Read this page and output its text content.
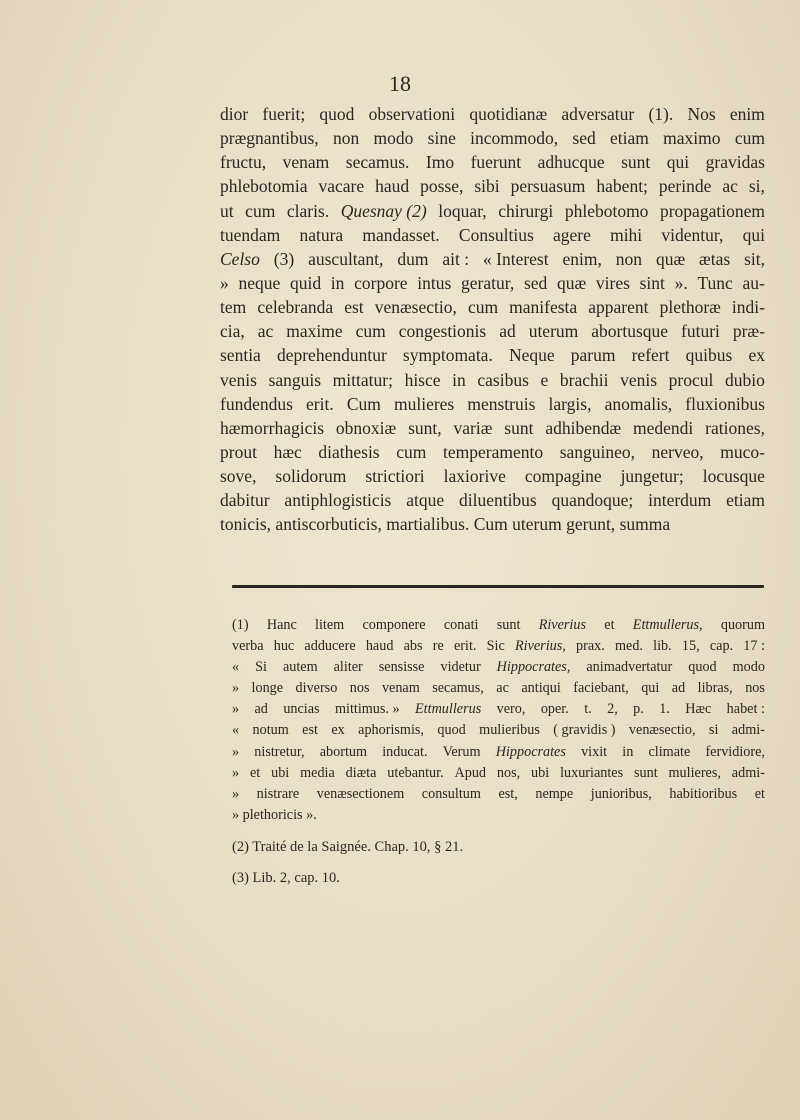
18
dior fuerit; quod observationi quotidianæ adversatur (1). Nos enim
prægnantibus, non modo sine incommodo, sed etiam maximo cum
fructu, venam secamus. Imo fuerunt adhucque sunt qui gravidas
phlebotomia vacare haud posse, sibi persuasum habent; perinde ac si,
ut cum claris. Quesnay (2) loquar, chirurgi phlebotomo propagationem
tuendam natura mandasset. Consultius agere mihi videntur, qui
Celso (3) auscultant, dum ait : « Interest enim, non quæ ætas sit,
» neque quid in corpore intus geratur, sed quæ vires sint ». Tunc au-
tem celebranda est venæsectio, cum manifesta apparent plethoræ indi-
cia, ac maxime cum congestionis ad uterum abortusque futuri præ-
sentia deprehenduntur symptomata. Neque parum refert quibus ex
venis sanguis mittatur; hisce in casibus e brachii venis procul dubio
fundendus erit. Cum mulieres menstruis largis, anomalis, fluxionibus
hæmorrhagicis obnoxiæ sunt, variæ sunt adhibendæ medendi rationes,
prout hæc diathesis cum temperamento sanguineo, nerveo, muco-
sove, solidorum strictiori laxiorive compagine jungetur; locusque
dabitur antiphlogisticis atque diluentibus quandoque; interdum etiam
tonicis,
antiscorbuticis,
martialibus.
Cum
uterum
gerunt,
summa
(1) Hanc litem componere conati sunt Riverius et Ettmullerus, quorum
verba huc adducere haud abs re erit. Sic Riverius, prax. med. lib. 15, cap. 17 :
« Si autem aliter sensisse videtur Hippocrates, animadvertatur quod modo
» longe diverso nos venam secamus, ac antiqui faciebant, qui ad libras, nos
» ad uncias mittimus. » Ettmullerus vero, oper. t. 2, p. 1. Hæc habet :
« notum est ex aphorismis, quod mulieribus ( gravidis ) venæsectio, si admi-
» nistretur, abortum inducat. Verum Hippocrates vixit in climate fervidiore,
» et ubi media diæta utebantur. Apud nos, ubi luxuriantes sunt mulieres, admi-
» nistrare venæsectionem consultum est, nempe junioribus, habitioribus et
»
plethoricis
».
(2) Traité de la Saignée. Chap. 10, § 21.
(3) Lib. 2, cap. 10.
